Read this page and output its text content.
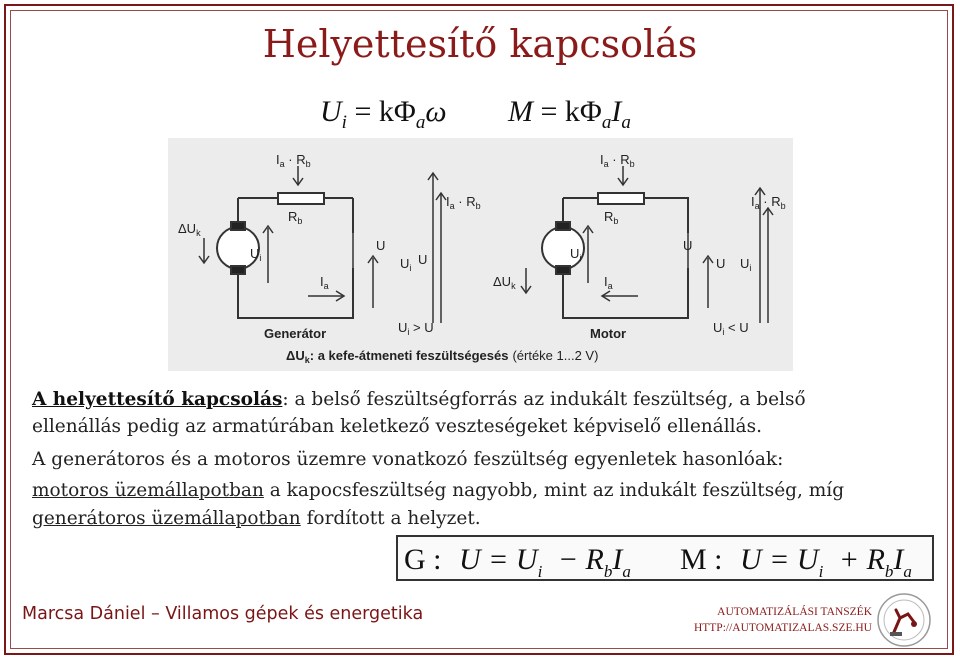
Helyettesítő kapcsolás
$U_i = k\Phi_a\omega$ $M = k\Phi_aI_a$
$I_a \cdot R_b$
$R_b$
$\Delta U_k$
$U_i$
U
$U_i$
U
$I_a \cdot R_b$
$I_a$
$U_i > U$
Generátor
$I_a \cdot R_b$
$R_b$
$\Delta U_k$
$U_i$
U
U $U_i$
$I_a \cdot R_b$
$I_a$
$U_i < U$
Motor
$\Delta U_k$: a kefe-átmeneti feszültségesés (értéke 1...2 V)
A helyettesítő kapcsolás: a belső feszültségforrás az indukált feszültség, a belső
ellenállás pedig az armatúrában keletkező veszteségeket képviselő ellenállás.
A generátoros és a motoros üzemre vonatkozó feszültség egyenletek hasonlóak:
motoros üzemállapotban a kapocsfeszültség nagyobb, mint az indukált feszültség, míg
generátoros üzemállapotban fordított a helyzet.
G : $U = U_i - R_bI_a$ M : $U = U_i + R_bI_a$
Marcsa Dániel – Villamos gépek és energetika	AUTOMATIZÁLÁSI TANSZÉK
HTTP://AUTOMATIZALAS.SZE.HU
